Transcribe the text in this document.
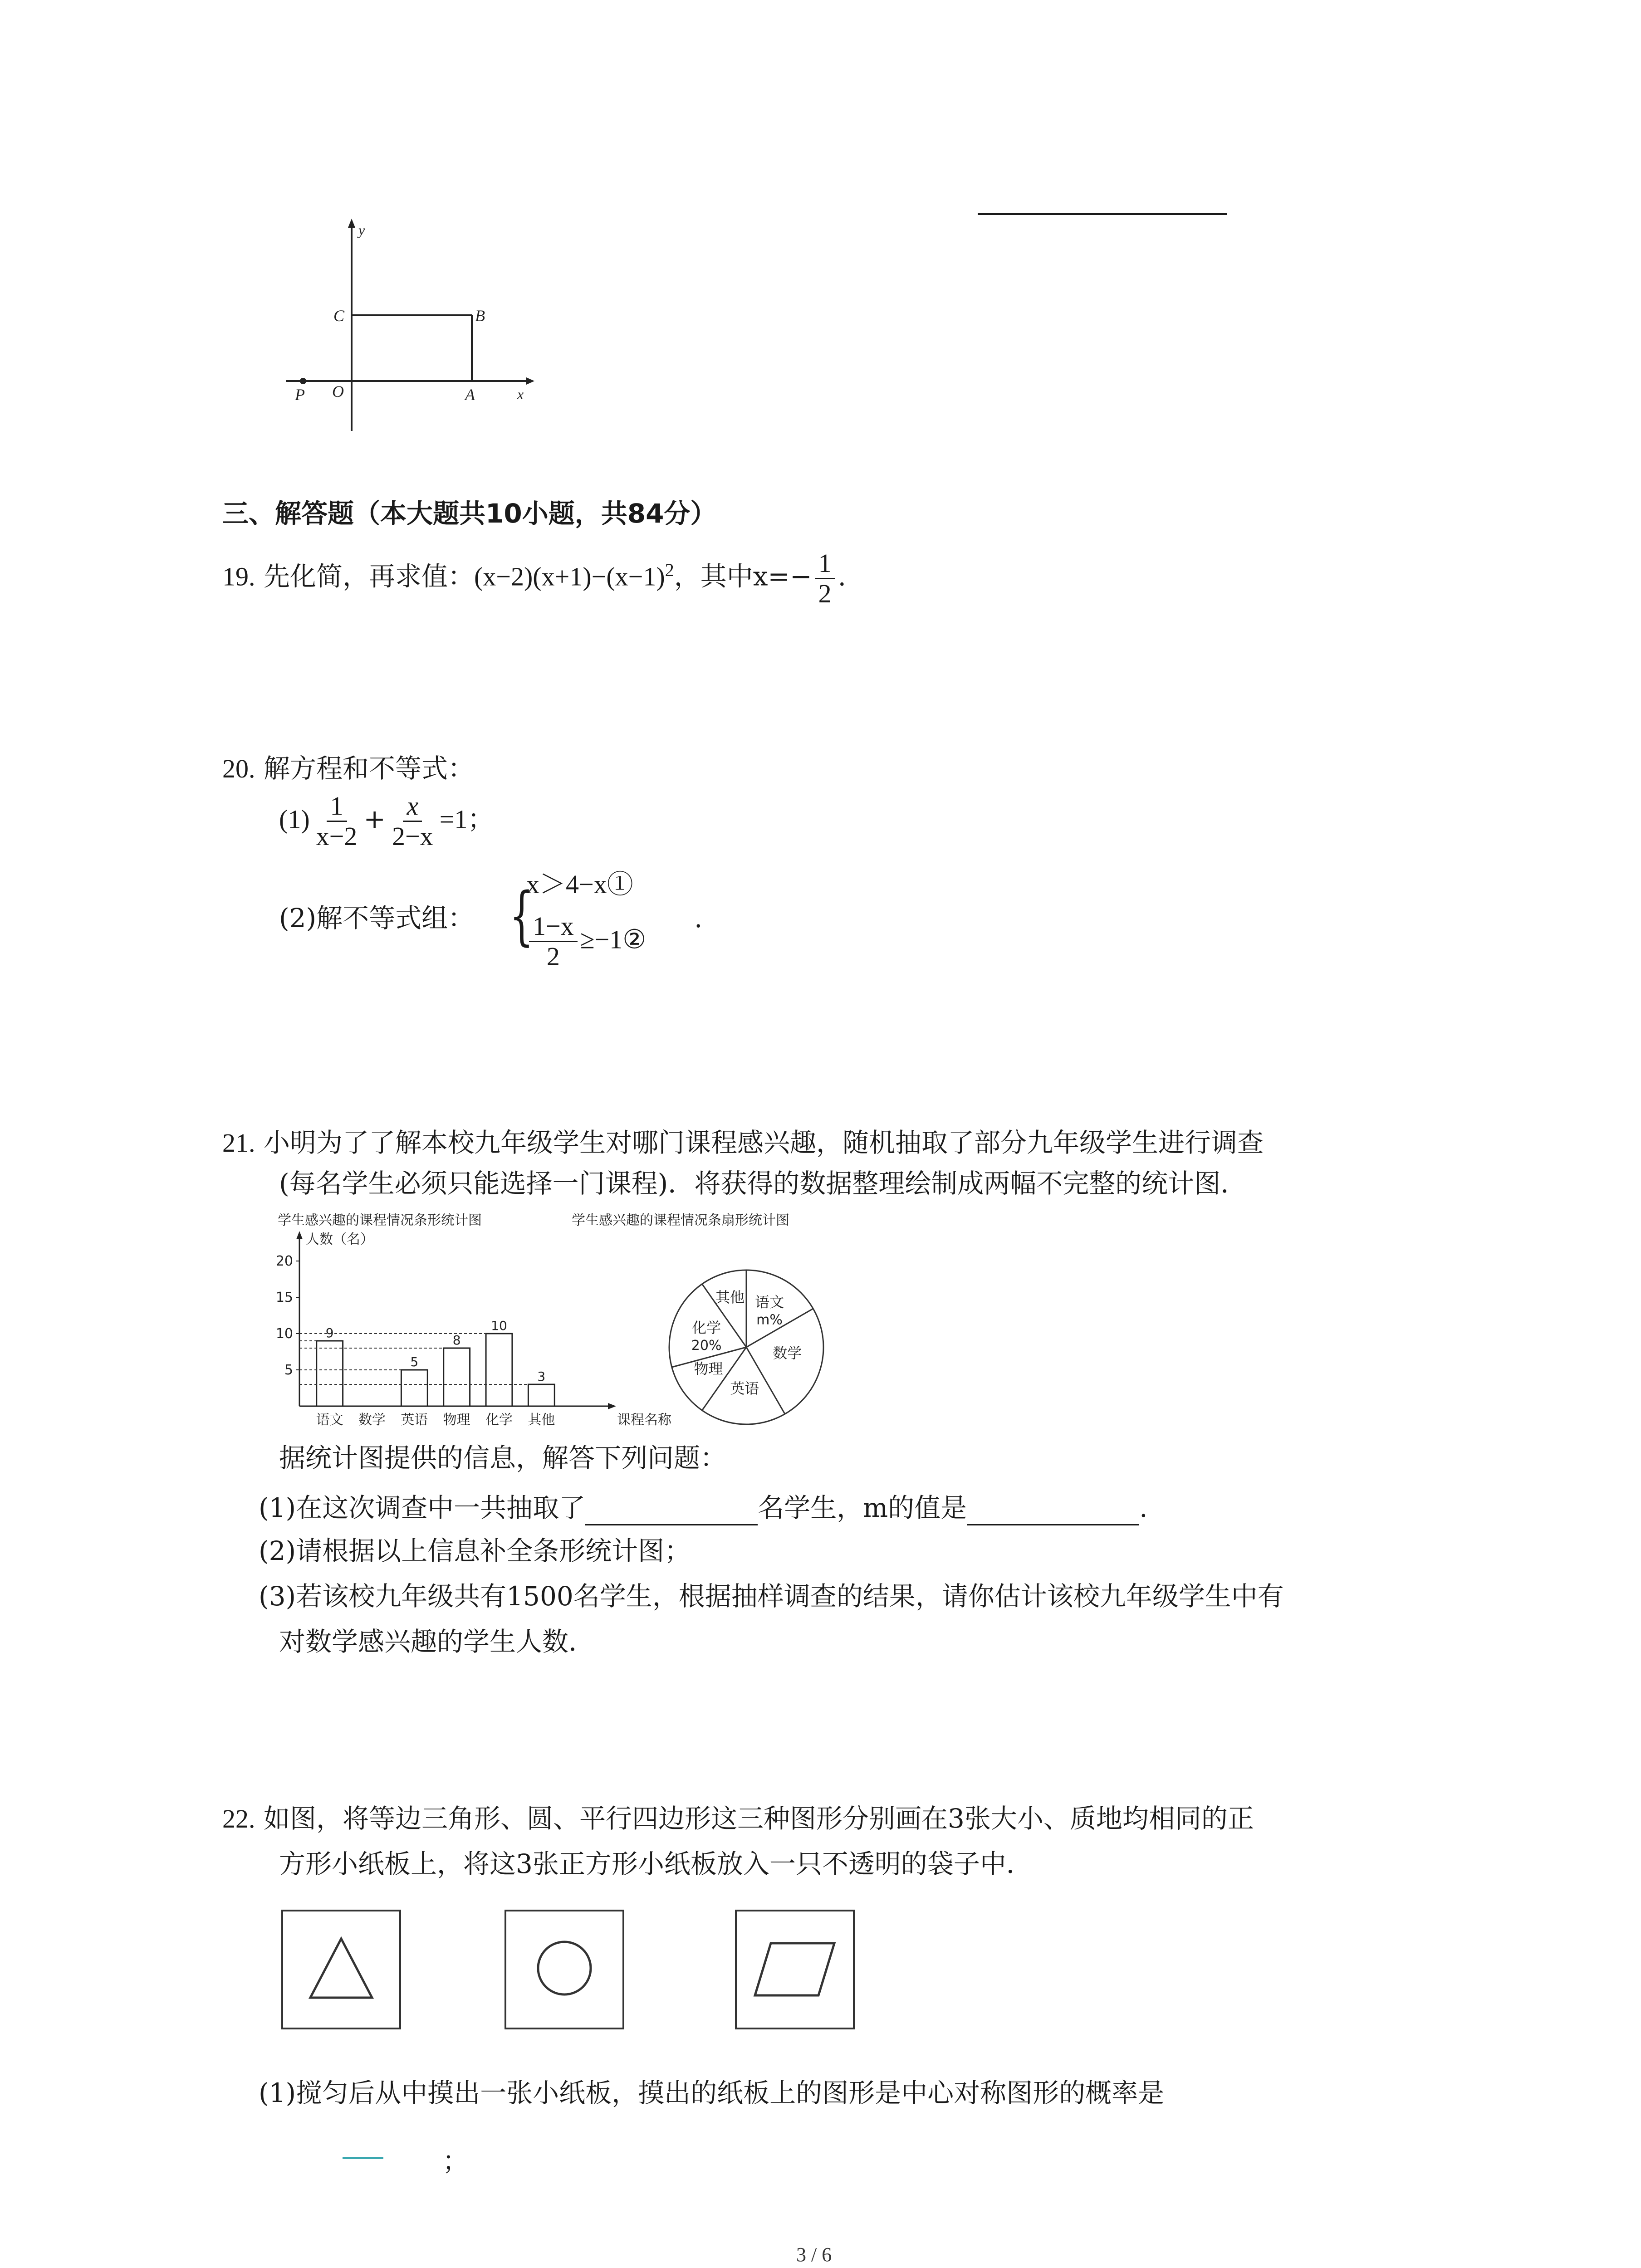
y
x
C	B
O	A
P
三、解答题（本大题共10小题，共84分）
19. 先化简，再求值：$(x-2)(x+1)-(x-1)^2$，其中$x=- \frac{1}{2}$ .
20. 解方程和不等式：
$(1) \frac{1}{x-2} + \frac{x}{2-x} =1$；
(2)解不等式组： {
x＞4−x①
$\frac{1-x}{2}$ ≥−1②
.
21. 小明为了了解本校九年级学生对哪门课程感兴趣，随机抽取了部分九年级学生进行调查
(每名学生必须只能选择一门课程)．将获得的数据整理绘制成两幅不完整的统计图．
学生感兴趣的课程情况条形统计图
人数（名）
课程名称
20
15
10
5
语文
9
数学 英语
5
物理
8
化学
10
其他
3
学生感兴趣的课程情况条扇形统计图
语文
m%
数学
英语
物理
化学
20%
其他
据统计图提供的信息，解答下列问题：
(1)在这次调查中一共抽取了	名学生，m的值是	.
(2)请根据以上信息补全条形统计图；
(3)若该校九年级共有1500名学生，根据抽样调查的结果，请你估计该校九年级学生中有
对数学感兴趣的学生人数．
22. 如图，将等边三角形、圆、平行四边形这三种图形分别画在3张大小、质地均相同的正
方形小纸板上，将这3张正方形小纸板放入一只不透明的袋子中．
(1)搅匀后从中摸出一张小纸板，摸出的纸板上的图形是中心对称图形的概率是
；
3 / 6
